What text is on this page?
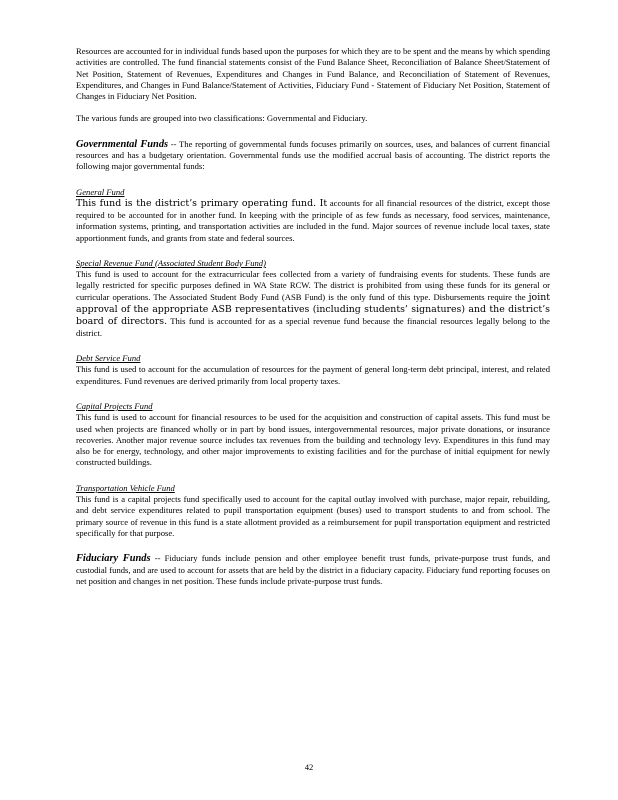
Resources are accounted for in individual funds based upon the purposes for which they are to be spent and the means by which spending activities are controlled. The fund financial statements consist of the Fund Balance Sheet, Reconciliation of Balance Sheet/Statement of Net Position, Statement of Revenues, Expenditures and Changes in Fund Balance, and Reconciliation of Statement of Revenues, Expenditures, and Changes in Fund Balance/Statement of Activities, Fiduciary Fund - Statement of Fiduciary Net Position, Statement of Changes in Fiduciary Net Position.

The various funds are grouped into two classifications: Governmental and Fiduciary.

Governmental Funds -- The reporting of governmental funds focuses primarily on sources, uses, and balances of current financial resources and has a budgetary orientation. Governmental funds use the modified accrual basis of accounting. The district reports the following major governmental funds:

General Fund

This fund is the district’s primary operating fund. It accounts for all financial resources of the district, except those required to be accounted for in another fund. In keeping with the principle of as few funds as necessary, food services, maintenance, information systems, printing, and transportation activities are included in the fund. Major sources of revenue include local taxes, state apportionment funds, and grants from state and federal sources.

Special Revenue Fund (Associated Student Body Fund)

This fund is used to account for the extracurricular fees collected from a variety of fundraising events for students. These funds are legally restricted for specific purposes defined in WA State RCW. The district is prohibited from using these funds for its general or curricular operations. The Associated Student Body Fund (ASB Fund) is the only fund of this type. Disbursements require the joint approval of the appropriate ASB representatives (including students’ signatures) and the district’s board of directors. This fund is accounted for as a special revenue fund because the financial resources legally belong to the district.

Debt Service Fund

This fund is used to account for the accumulation of resources for the payment of general long-term debt principal, interest, and related expenditures. Fund revenues are derived primarily from local property taxes.

Capital Projects Fund

This fund is used to account for financial resources to be used for the acquisition and construction of capital assets. This fund must be used when projects are financed wholly or in part by bond issues, intergovernmental resources, major private donations, or insurance recoveries. Another major revenue source includes tax revenues from the building and technology levy. Expenditures in this fund may also be for energy, technology, and other major improvements to existing facilities and for the purchase of initial equipment for newly constructed buildings.

Transportation Vehicle Fund

This fund is a capital projects fund specifically used to account for the capital outlay involved with purchase, major repair, rebuilding, and debt service expenditures related to pupil transportation equipment (buses) used to transport students to and from school. The primary source of revenue in this fund is a state allotment provided as a reimbursement for pupil transportation equipment and restricted specifically for that purpose.

Fiduciary Funds -- Fiduciary funds include pension and other employee benefit trust funds, private-purpose trust funds, and custodial funds, and are used to account for assets that are held by the district in a fiduciary capacity. Fiduciary fund reporting focuses on net position and changes in net position. These funds include private-purpose trust funds.

42
